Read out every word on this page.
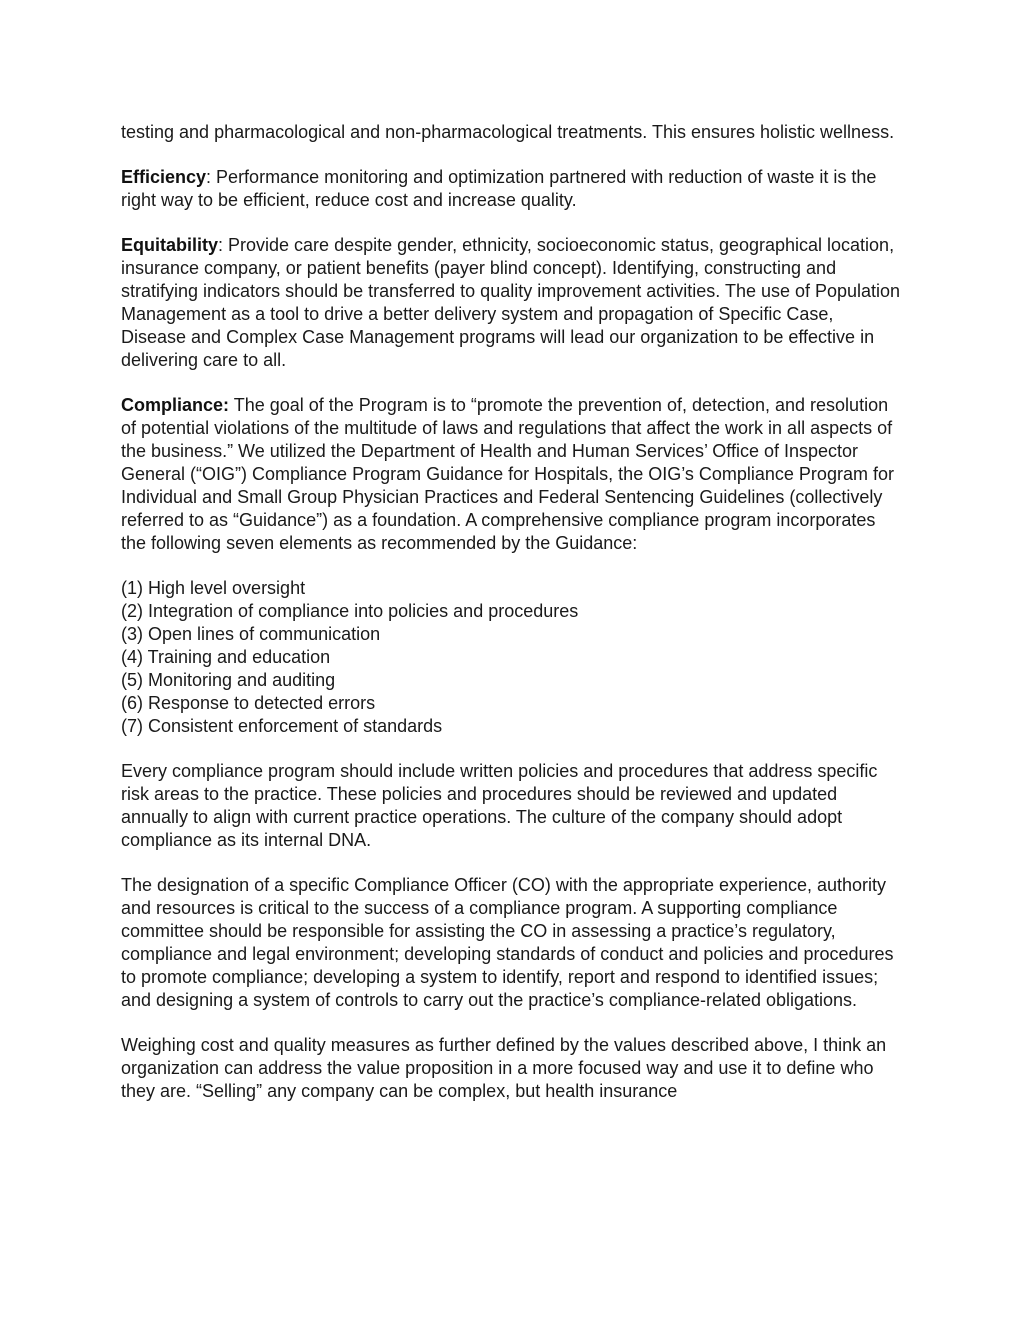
testing and pharmacological and non-pharmacological treatments. This ensures holistic wellness.

Efficiency: Performance monitoring and optimization partnered with reduction of waste it is the right way to be efficient, reduce cost and increase quality.

Equitability: Provide care despite gender, ethnicity, socioeconomic status, geographical location, insurance company, or patient benefits (payer blind concept). Identifying, constructing and stratifying indicators should be transferred to quality improvement activities. The use of Population Management as a tool to drive a better delivery system and propagation of Specific Case, Disease and Complex Case Management programs will lead our organization to be effective in delivering care to all.

Compliance: The goal of the Program is to “promote the prevention of, detection, and resolution of potential violations of the multitude of laws and regulations that affect the work in all aspects of the business.” We utilized the Department of Health and Human Services’ Office of Inspector General (“OIG”) Compliance Program Guidance for Hospitals, the OIG’s Compliance Program for Individual and Small Group Physician Practices and Federal Sentencing Guidelines (collectively referred to as “Guidance”) as a foundation. A comprehensive compliance program incorporates the following seven elements as recommended by the Guidance:

(1) High level oversight
(2) Integration of compliance into policies and procedures
(3) Open lines of communication
(4) Training and education
(5) Monitoring and auditing
(6) Response to detected errors
(7) Consistent enforcement of standards

Every compliance program should include written policies and procedures that address specific risk areas to the practice. These policies and procedures should be reviewed and updated annually to align with current practice operations. The culture of the company should adopt compliance as its internal DNA.

The designation of a specific Compliance Officer (CO) with the appropriate experience, authority and resources is critical to the success of a compliance program. A supporting compliance committee should be responsible for assisting the CO in assessing a practice’s regulatory, compliance and legal environment; developing standards of conduct and policies and procedures to promote compliance; developing a system to identify, report and respond to identified issues; and designing a system of controls to carry out the practice’s compliance-related obligations.

Weighing cost and quality measures as further defined by the values described above, I think an organization can address the value proposition in a more focused way and use it to define who they are. “Selling” any company can be complex, but health insurance
